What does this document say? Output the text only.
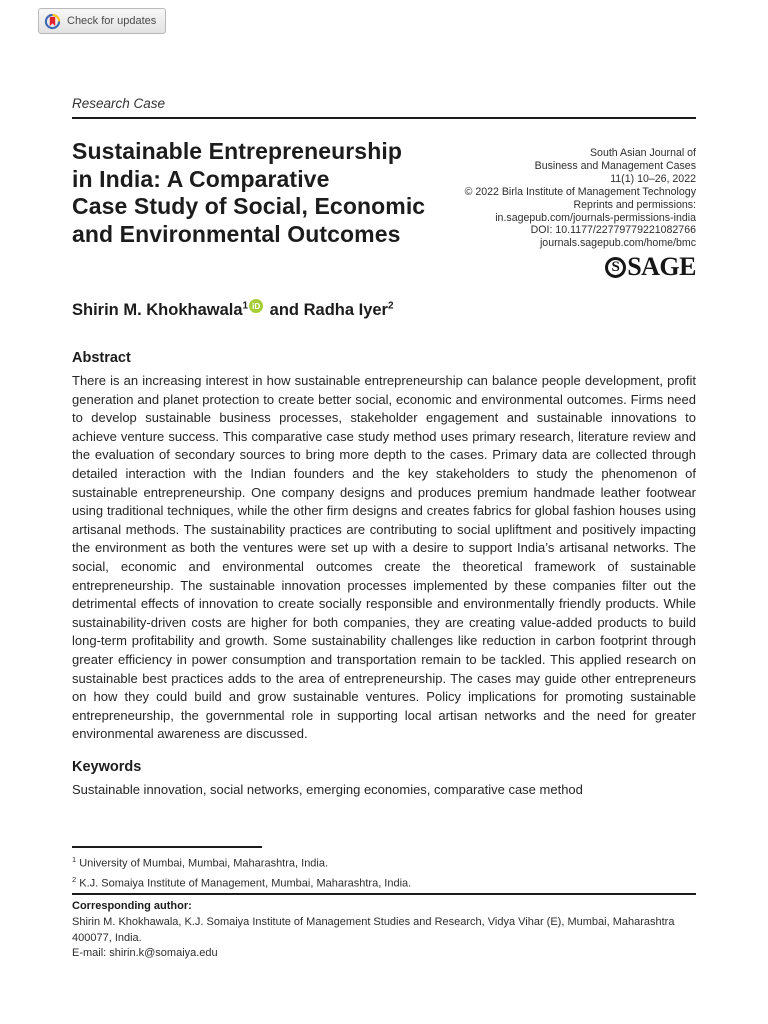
Check for updates
Research Case
Sustainable Entrepreneurship
in India: A Comparative
Case Study of Social, Economic
and Environmental Outcomes
South Asian Journal of
Business and Management Cases
11(1) 10–26, 2022
© 2022 Birla Institute of Management Technology
Reprints and permissions:
in.sagepub.com/journals-permissions-india
DOI: 10.1177/22779779221082766
journals.sagepub.com/home/bmc
S SAGE
Shirin M. Khokhawala$^1$ iD and Radha Iyer$^2$
Abstract
There is an increasing interest in how sustainable entrepreneurship can balance people development, profit generation and planet protection to create better social, economic and environmental outcomes. Firms need to develop sustainable business processes, stakeholder engagement and sustainable innovations to achieve venture success. This comparative case study method uses primary research, literature review and the evaluation of secondary sources to bring more depth to the cases. Primary data are collected through detailed interaction with the Indian founders and the key stakeholders to study the phenomenon of sustainable entrepreneurship. One company designs and produces premium handmade leather footwear using traditional techniques, while the other firm designs and creates fabrics for global fashion houses using artisanal methods. The sustainability practices are contributing to social upliftment and positively impacting the environment as both the ventures were set up with a desire to support India’s artisanal networks. The social, economic and environmental outcomes create the theoretical framework of sustainable entrepreneurship. The sustainable innovation processes implemented by these companies filter out the detrimental effects of innovation to create socially responsible and environmentally friendly products. While sustainability-driven costs are higher for both companies, they are creating value-added products to build long-term profitability and growth. Some sustainability challenges like reduction in carbon footprint through greater efficiency in power consumption and transportation remain to be tackled. This applied research on sustainable best practices adds to the area of entrepreneurship. The cases may guide other entrepreneurs on how they could build and grow sustainable ventures. Policy implications for promoting sustainable entrepreneurship, the governmental role in supporting local artisan networks and the need for greater environmental awareness are discussed.
Keywords
Sustainable innovation, social networks, emerging economies, comparative case method
$^1$ University of Mumbai, Mumbai, Maharashtra, India.
$^2$ K.J. Somaiya Institute of Management, Mumbai, Maharashtra, India.
Corresponding author:
Shirin M. Khokhawala, K.J. Somaiya Institute of Management Studies and Research, Vidya Vihar (E), Mumbai, Maharashtra 400077, India.
E-mail: shirin.k@somaiya.edu
